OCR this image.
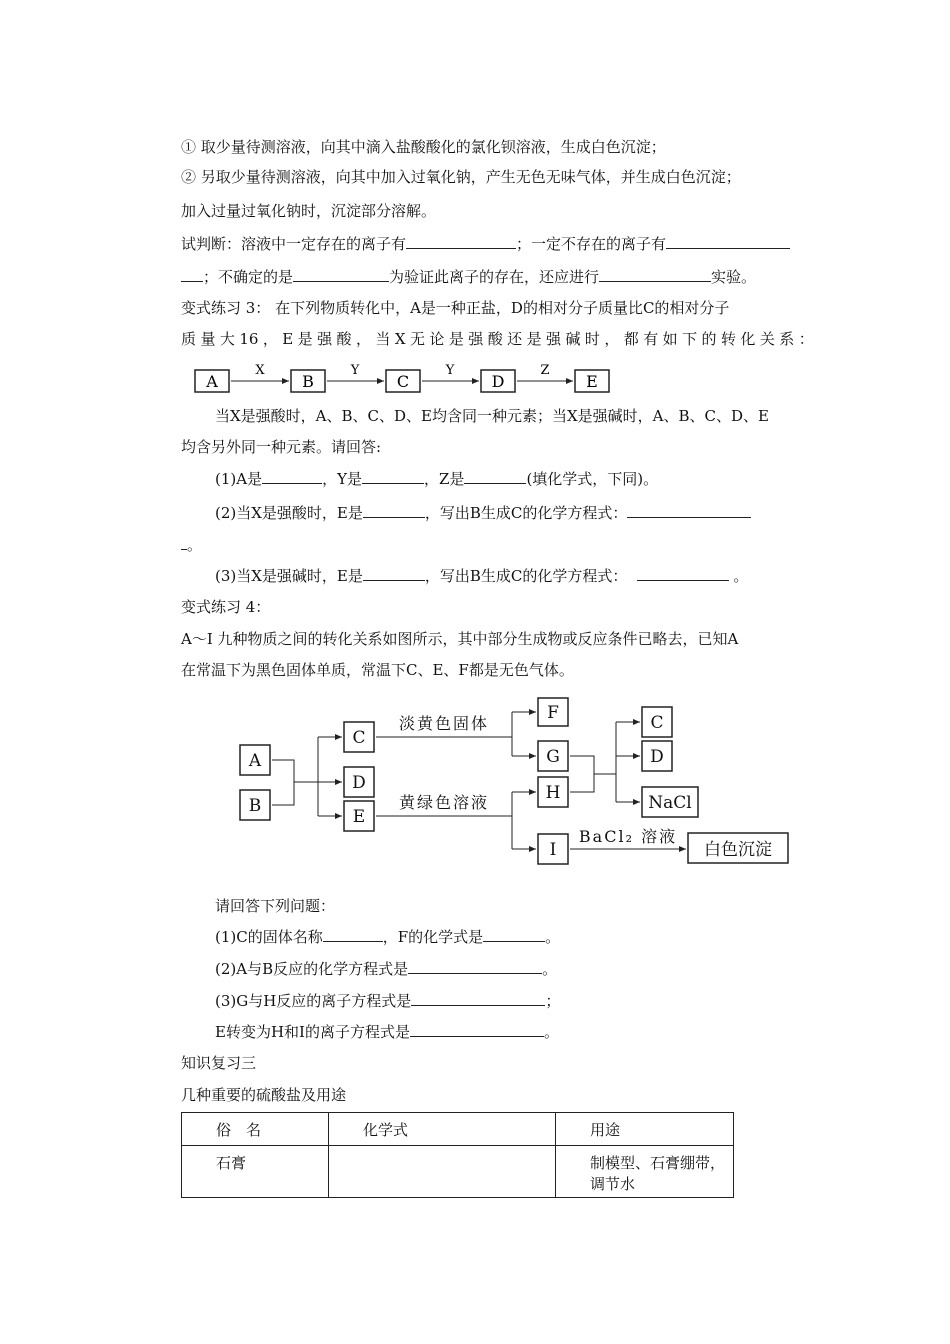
① 取少量待测溶液，向其中滴入盐酸酸化的氯化钡溶液，生成白色沉淀；
② 另取少量待测溶液，向其中加入过氧化钠，产生无色无味气体，并生成白色沉淀；
加入过量过氧化钠时，沉淀部分溶解。
试判断：溶液中一定存在的离子有	；一定不存在的离子有
；不确定的是	为验证此离子的存在，还应进行	实验。
变式练习 3： 在下列物质转化中，A是一种正盐，D的相对分子质量比C的相对分子
质 量 大 16 ， E 是 强 酸 ， 当 X 无 论 是 强 酸 还 是 强 碱 时 ， 都 有 如 下 的 转 化 关 系 ：
A	B	C	D	E
X	Y	Y	Z
当X是强酸时，A、B、C、D、E均含同一种元素；当X是强碱时，A、B、C、D、E
均含另外同一种元素。请回答:
(1)A是	，Y是	，Z是	(填化学式，下同)。
(2)当X是强酸时，E是	，写出B生成C的化学方程式：
。
(3)当X是强碱时，E是	，写出B生成C的化学方程式：	。
变式练习 4：
A～I 九种物质之间的转化关系如图所示，其中部分生成物或反应条件已略去，已知A
在常温下为黑色固体单质，常温下C、E、F都是无色气体。
A
B
C
D
E
F
G
H
I
C
D
NaCl
白色沉淀
淡黄色固体
黄绿色溶液
BaCl₂ 溶液
请回答下列问题：
(1)C的固体名称	，F的化学式是	。
(2)A与B反应的化学方程式是	。
(3)G与H反应的离子方程式是	；
E转变为H和I的离子方程式是	。
知识复习三
几种重要的硫酸盐及用途
俗　名	化学式	用途
石膏		制模型、石膏绷带，调节水
